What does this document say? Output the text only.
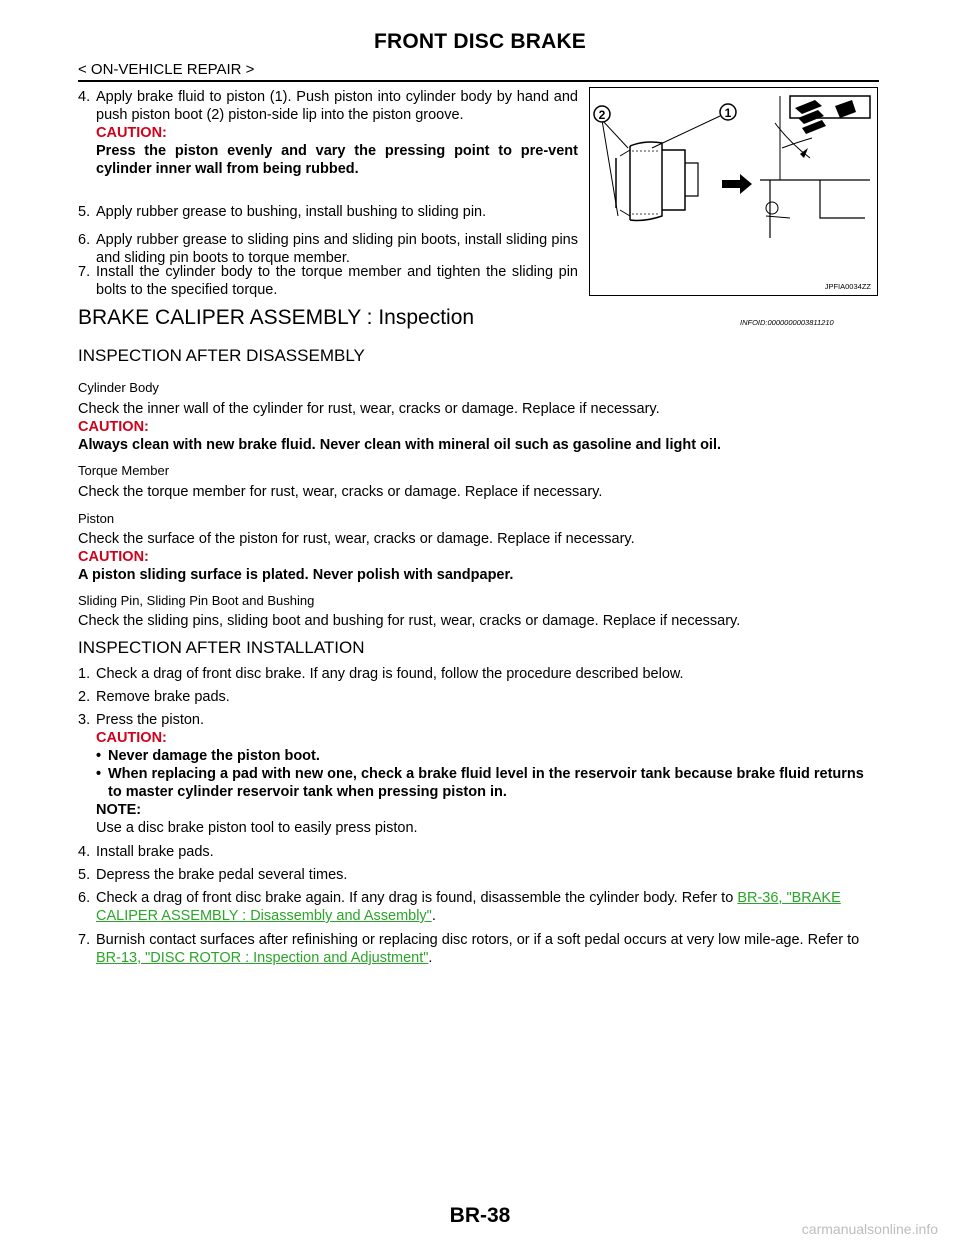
FRONT DISC BRAKE
< ON-VEHICLE REPAIR >
4. Apply brake fluid to piston (1). Push piston into cylinder body by hand and push piston boot (2) piston-side lip into the piston groove.
CAUTION:
Press the piston evenly and vary the pressing point to pre-vent cylinder inner wall from being rubbed.
5. Apply rubber grease to bushing, install bushing to sliding pin.
6. Apply rubber grease to sliding pins and sliding pin boots, install sliding pins and sliding pin boots to torque member.
7. Install the cylinder body to the torque member and tighten the sliding pin bolts to the specified torque.
2	1
JPFIA0034ZZ
BRAKE CALIPER ASSEMBLY : Inspection	INFOID:0000000003811210
INSPECTION AFTER DISASSEMBLY
Cylinder Body
Check the inner wall of the cylinder for rust, wear, cracks or damage. Replace if necessary.
CAUTION:
Always clean with new brake fluid. Never clean with mineral oil such as gasoline and light oil.
Torque Member
Check the torque member for rust, wear, cracks or damage. Replace if necessary.
Piston
Check the surface of the piston for rust, wear, cracks or damage. Replace if necessary.
CAUTION:
A piston sliding surface is plated. Never polish with sandpaper.
Sliding Pin, Sliding Pin Boot and Bushing
Check the sliding pins, sliding boot and bushing for rust, wear, cracks or damage. Replace if necessary.
INSPECTION AFTER INSTALLATION
1. Check a drag of front disc brake. If any drag is found, follow the procedure described below.
2. Remove brake pads.
3. Press the piston.
CAUTION:
• Never damage the piston boot.
• When replacing a pad with new one, check a brake fluid level in the reservoir tank because brake fluid returns to master cylinder reservoir tank when pressing piston in.
NOTE:
Use a disc brake piston tool to easily press piston.
4. Install brake pads.
5. Depress the brake pedal several times.
6. Check a drag of front disc brake again. If any drag is found, disassemble the cylinder body. Refer to BR-36, "BRAKE CALIPER ASSEMBLY : Disassembly and Assembly".
7. Burnish contact surfaces after refinishing or replacing disc rotors, or if a soft pedal occurs at very low mile-age. Refer to BR-13, "DISC ROTOR : Inspection and Adjustment".
BR-38
carmanualsonline.info
